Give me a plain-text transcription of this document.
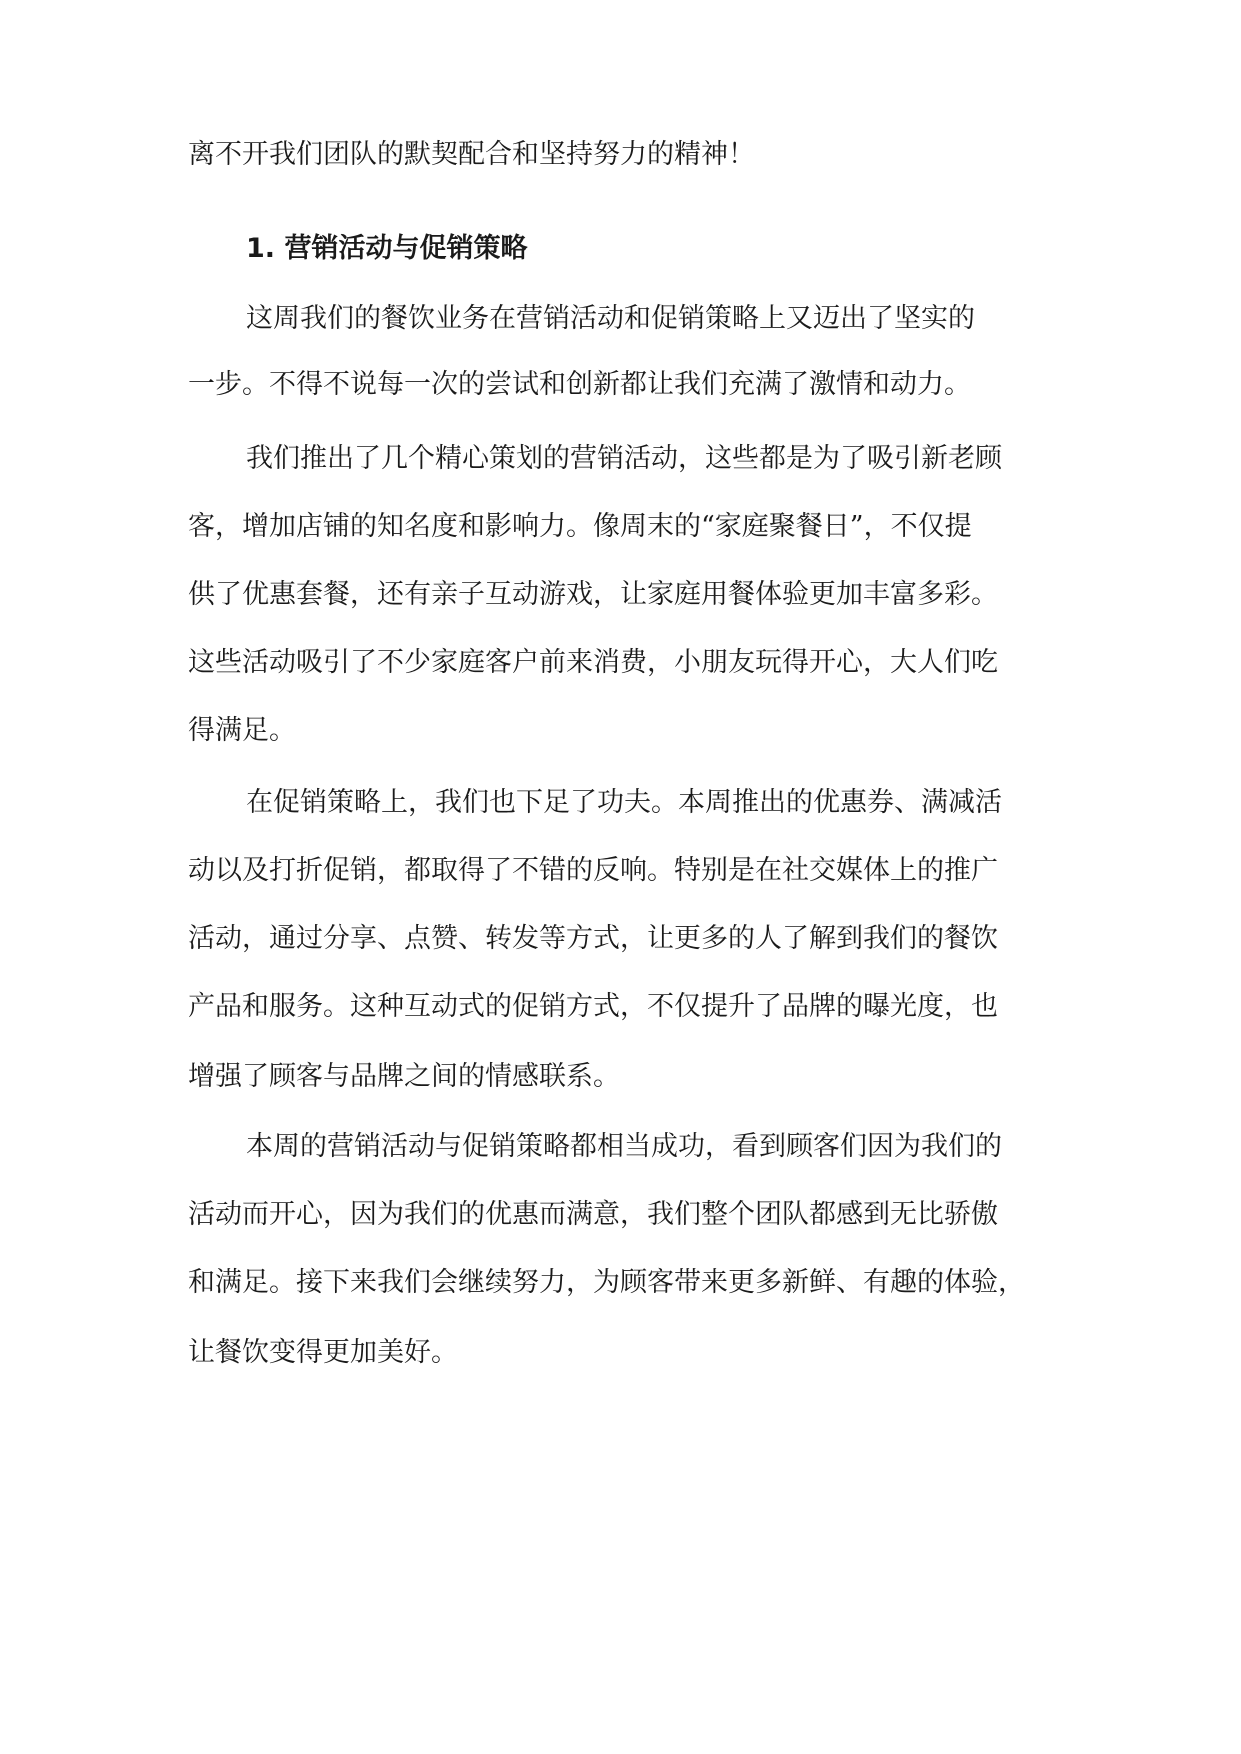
离不开我们团队的默契配合和坚持努力的精神！
1. 营销活动与促销策略
这周我们的餐饮业务在营销活动和促销策略上又迈出了坚实的
一步。不得不说每一次的尝试和创新都让我们充满了激情和动力。
我们推出了几个精心策划的营销活动，这些都是为了吸引新老顾
客，增加店铺的知名度和影响力。像周末的“家庭聚餐日”，不仅提
供了优惠套餐，还有亲子互动游戏，让家庭用餐体验更加丰富多彩。
这些活动吸引了不少家庭客户前来消费，小朋友玩得开心，大人们吃
得满足。
在促销策略上，我们也下足了功夫。本周推出的优惠券、满减活
动以及打折促销，都取得了不错的反响。特别是在社交媒体上的推广
活动，通过分享、点赞、转发等方式，让更多的人了解到我们的餐饮
产品和服务。这种互动式的促销方式，不仅提升了品牌的曝光度，也
增强了顾客与品牌之间的情感联系。
本周的营销活动与促销策略都相当成功，看到顾客们因为我们的
活动而开心，因为我们的优惠而满意，我们整个团队都感到无比骄傲
和满足。接下来我们会继续努力，为顾客带来更多新鲜、有趣的体验，
让餐饮变得更加美好。
